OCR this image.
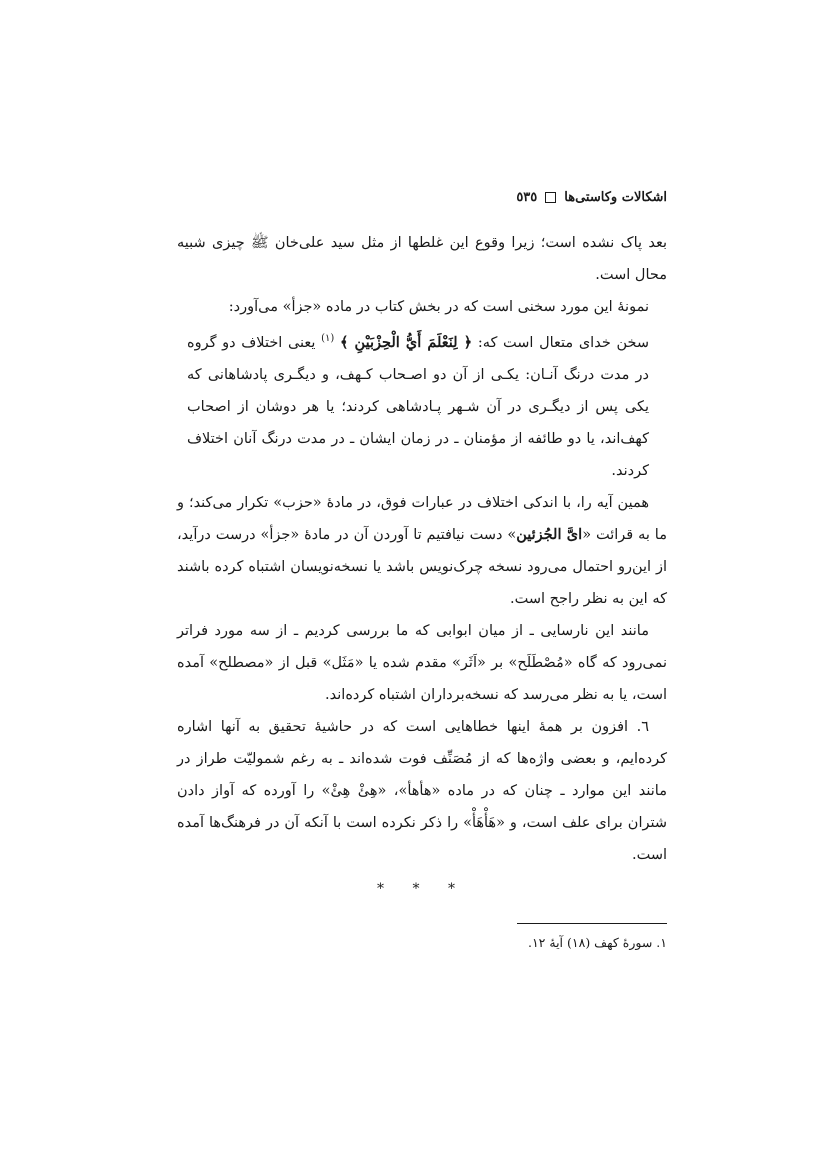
اشکالات وکاستی‌ها
٥٣٥

بعد پاک نشده است؛ زیرا وقوع این غلطها از مثل سید علی‌خان ﷺ چیزی شبیه محال است.

نمونهٔ این مورد سخنی است که در بخش کتاب در ماده «جزأ» می‌آورد:

سخن خدای متعال است که: ﴿ لِنَعْلَمَ أَيُّ الْحِزْبَيْنِ ﴾ $^{(١)}$ یعنی اختلاف دو گروه در مدت درنگ آنـان: یکـی از آن دو اصـحاب کـهف، و دیگـری پادشاهانی که یکی پس از دیگـری در آن شـهر پـادشاهی کردند؛ یا هر دوشان از اصحاب کهف‌اند، یا دو طائفه از مؤمنان ـ در زمان ایشان ـ در مدت درنگ آنان اختلاف کردند.

همین آیه را، با اندکی اختلاف در عبارات فوق، در مادهٔ «حزب» تکرار می‌کند؛ و ما به قرائت «ایَّ الجُزئین» دست نیافتیم تا آوردن آن در مادهٔ «جزأ» درست درآید، از این‌رو احتمال می‌رود نسخه چرک‌نویس باشد یا نسخه‌نویسان اشتباه کرده باشند که این به نظر راجح است.

مانند این نارسایی ـ از میان ابوابی که ما بررسی کردیم ـ از سه مورد فراتر نمی‌رود که گاه «مُصْطَلَح» بر «اَثَر» مقدم شده یا «مَثَل» قبل از «مصطلح» آمده است، یا به نظر می‌رسد که نسخه‌برداران اشتباه کرده‌اند.

٦. افزون بر همهٔ اینها خطاهایی است که در حاشیهٔ تحقیق به آنها اشاره کرده‌ایم، و بعضی واژه‌ها که از مُصَنِّف فوت شده‌اند ـ به رغم شمولیّت طراز در مانند این موارد ـ چنان که در ماده «هأهأ»، «هِئْ هِئْ» را آورده که آواز دادن شتران برای علف است، و «هَأْهَأْ» را ذکر نکرده است با آنکه آن در فرهنگ‌ها آمده است.

* * *

١. سورهٔ کهف (١٨) آیهٔ ١٢.
